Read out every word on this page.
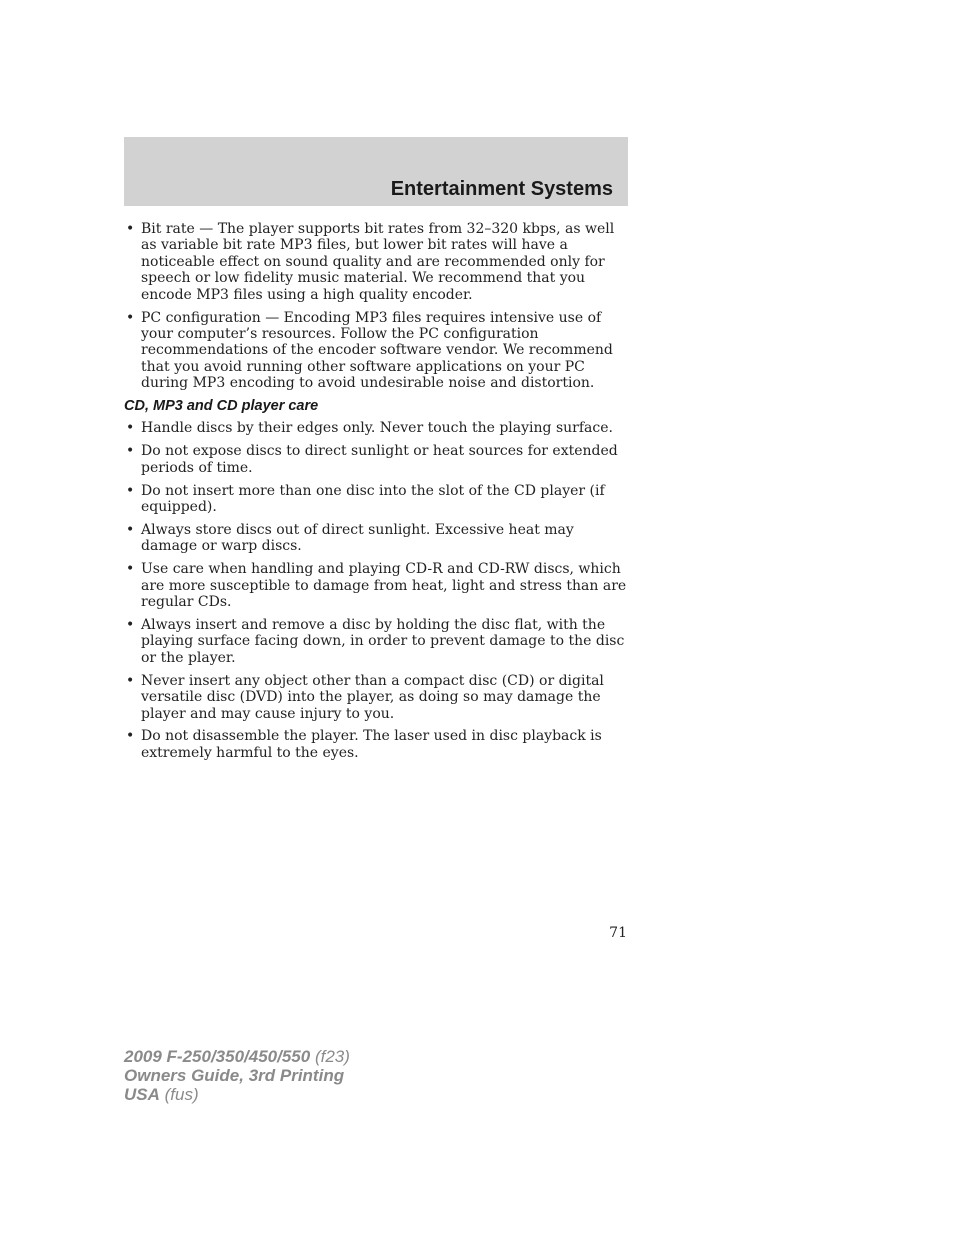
Entertainment Systems
• Bit rate — The player supports bit rates from 32–320 kbps, as well as variable bit rate MP3 files, but lower bit rates will have a noticeable effect on sound quality and are recommended only for speech or low fidelity music material. We recommend that you encode MP3 files using a high quality encoder.
• PC configuration — Encoding MP3 files requires intensive use of your computer’s resources. Follow the PC configuration recommendations of the encoder software vendor. We recommend that you avoid running other software applications on your PC during MP3 encoding to avoid undesirable noise and distortion.
CD, MP3 and CD player care
• Handle discs by their edges only. Never touch the playing surface.
• Do not expose discs to direct sunlight or heat sources for extended periods of time.
• Do not insert more than one disc into the slot of the CD player (if equipped).
• Always store discs out of direct sunlight. Excessive heat may damage or warp discs.
• Use care when handling and playing CD-R and CD-RW discs, which are more susceptible to damage from heat, light and stress than are regular CDs.
• Always insert and remove a disc by holding the disc flat, with the playing surface facing down, in order to prevent damage to the disc or the player.
• Never insert any object other than a compact disc (CD) or digital versatile disc (DVD) into the player, as doing so may damage the player and may cause injury to you.
• Do not disassemble the player. The laser used in disc playback is extremely harmful to the eyes.
71
2009 F-250/350/450/550 (f23)
Owners Guide, 3rd Printing
USA (fus)
